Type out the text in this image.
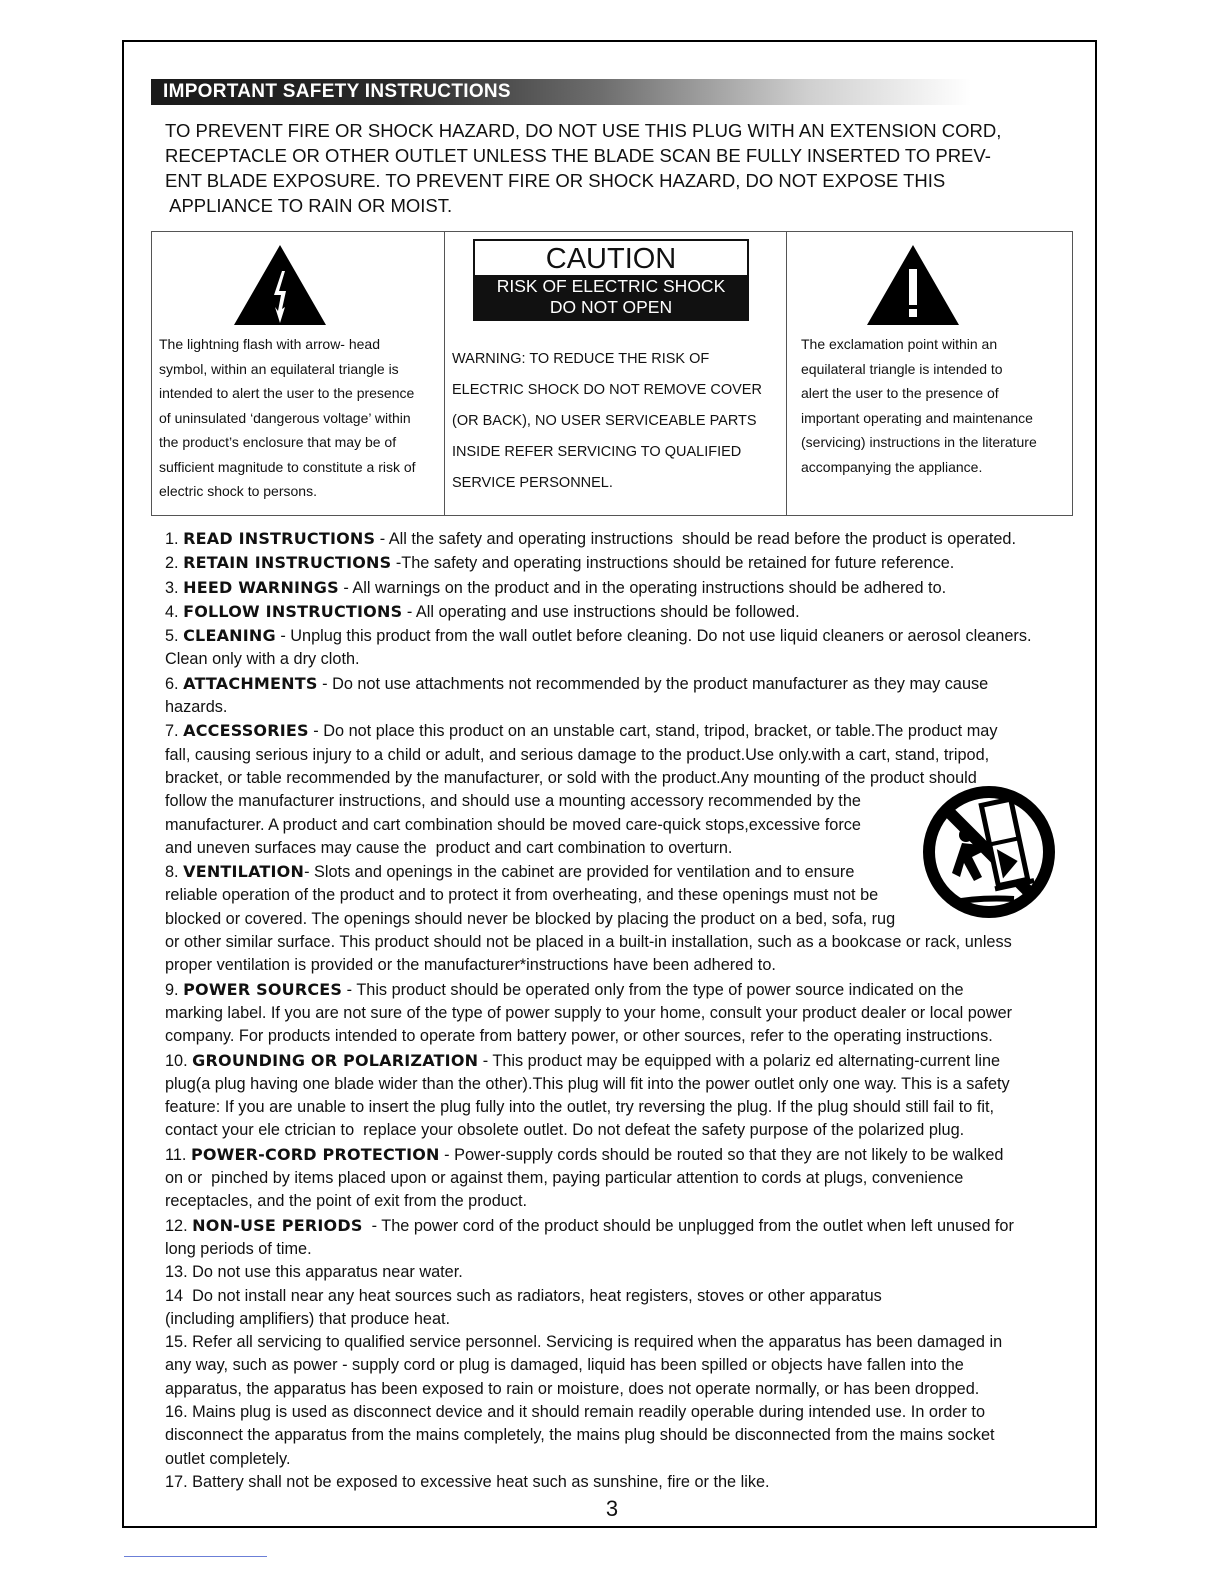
IMPORTANT SAFETY INSTRUCTIONS
TO PREVENT FIRE OR SHOCK HAZARD, DO NOT USE THIS PLUG WITH AN EXTENSION CORD,
RECEPTACLE OR OTHER OUTLET UNLESS THE BLADE SCAN BE FULLY INSERTED TO PREV-
ENT BLADE EXPOSURE. TO PREVENT FIRE OR SHOCK HAZARD, DO NOT EXPOSE THIS
APPLIANCE TO RAIN OR MOIST.
The lightning flash with arrow- head
symbol, within an equilateral triangle is
intended to alert the user to the presence
of uninsulated ‘dangerous voltage’ within
the product’s enclosure that may be of
sufficient magnitude to constitute a risk of
electric shock to persons.
CAUTION
RISK OF ELECTRIC SHOCK
DO NOT OPEN
WARNING: TO REDUCE THE RISK OF
ELECTRIC SHOCK DO NOT REMOVE COVER
(OR BACK), NO USER SERVICEABLE PARTS
INSIDE REFER SERVICING TO QUALIFIED
SERVICE PERSONNEL.
The exclamation point within an
equilateral triangle is intended to
alert the user to the presence of
important operating and maintenance
(servicing) instructions in the literature
accompanying the appliance.
1. READ INSTRUCTIONS - All the safety and operating instructions  should be read before the product is operated.
2. RETAIN INSTRUCTIONS -The safety and operating instructions should be retained for future reference.
3. HEED WARNINGS - All warnings on the product and in the operating instructions should be adhered to.
4. FOLLOW INSTRUCTIONS - All operating and use instructions should be followed.
5. CLEANING - Unplug this product from the wall outlet before cleaning. Do not use liquid cleaners or aerosol cleaners.
Clean only with a dry cloth.
6. ATTACHMENTS - Do not use attachments not recommended by the product manufacturer as they may cause
hazards.
7. ACCESSORIES - Do not place this product on an unstable cart, stand, tripod, bracket, or table.The product may
fall, causing serious injury to a child or adult, and serious damage to the product.Use only.with a cart, stand, tripod,
bracket, or table recommended by the manufacturer, or sold with the product.Any mounting of the product should
follow the manufacturer instructions, and should use a mounting accessory recommended by the
manufacturer. A product and cart combination should be moved care-quick stops,excessive force
and uneven surfaces may cause the  product and cart combination to overturn.
8. VENTILATION- Slots and openings in the cabinet are provided for ventilation and to ensure
reliable operation of the product and to protect it from overheating, and these openings must not be
blocked or covered. The openings should never be blocked by placing the product on a bed, sofa, rug
or other similar surface. This product should not be placed in a built-in installation, such as a bookcase or rack, unless
proper ventilation is provided or the manufacturer*instructions have been adhered to.
9. POWER SOURCES - This product should be operated only from the type of power source indicated on the
marking label. If you are not sure of the type of power supply to your home, consult your product dealer or local power
company. For products intended to operate from battery power, or other sources, refer to the operating instructions.
10. GROUNDING OR POLARIZATION - This product may be equipped with a polariz ed alternating-current line
plug(a plug having one blade wider than the other).This plug will fit into the power outlet only one way. This is a safety
feature: If you are unable to insert the plug fully into the outlet, try reversing the plug. If the plug should still fail to fit,
contact your ele ctrician to  replace your obsolete outlet. Do not defeat the safety purpose of the polarized plug.
11. POWER-CORD PROTECTION - Power-supply cords should be routed so that they are not likely to be walked
on or  pinched by items placed upon or against them, paying particular attention to cords at plugs, convenience
receptacles, and the point of exit from the product.
12. NON-USE PERIODS  - The power cord of the product should be unplugged from the outlet when left unused for
long periods of time.
13. Do not use this apparatus near water.
14  Do not install near any heat sources such as radiators, heat registers, stoves or other apparatus
(including amplifiers) that produce heat.
15. Refer all servicing to qualified service personnel. Servicing is required when the apparatus has been damaged in
any way, such as power - supply cord or plug is damaged, liquid has been spilled or objects have fallen into the
apparatus, the apparatus has been exposed to rain or moisture, does not operate normally, or has been dropped.
16. Mains plug is used as disconnect device and it should remain readily operable during intended use. In order to
disconnect the apparatus from the mains completely, the mains plug should be disconnected from the mains socket
outlet completely.
17. Battery shall not be exposed to excessive heat such as sunshine, fire or the like.
3
